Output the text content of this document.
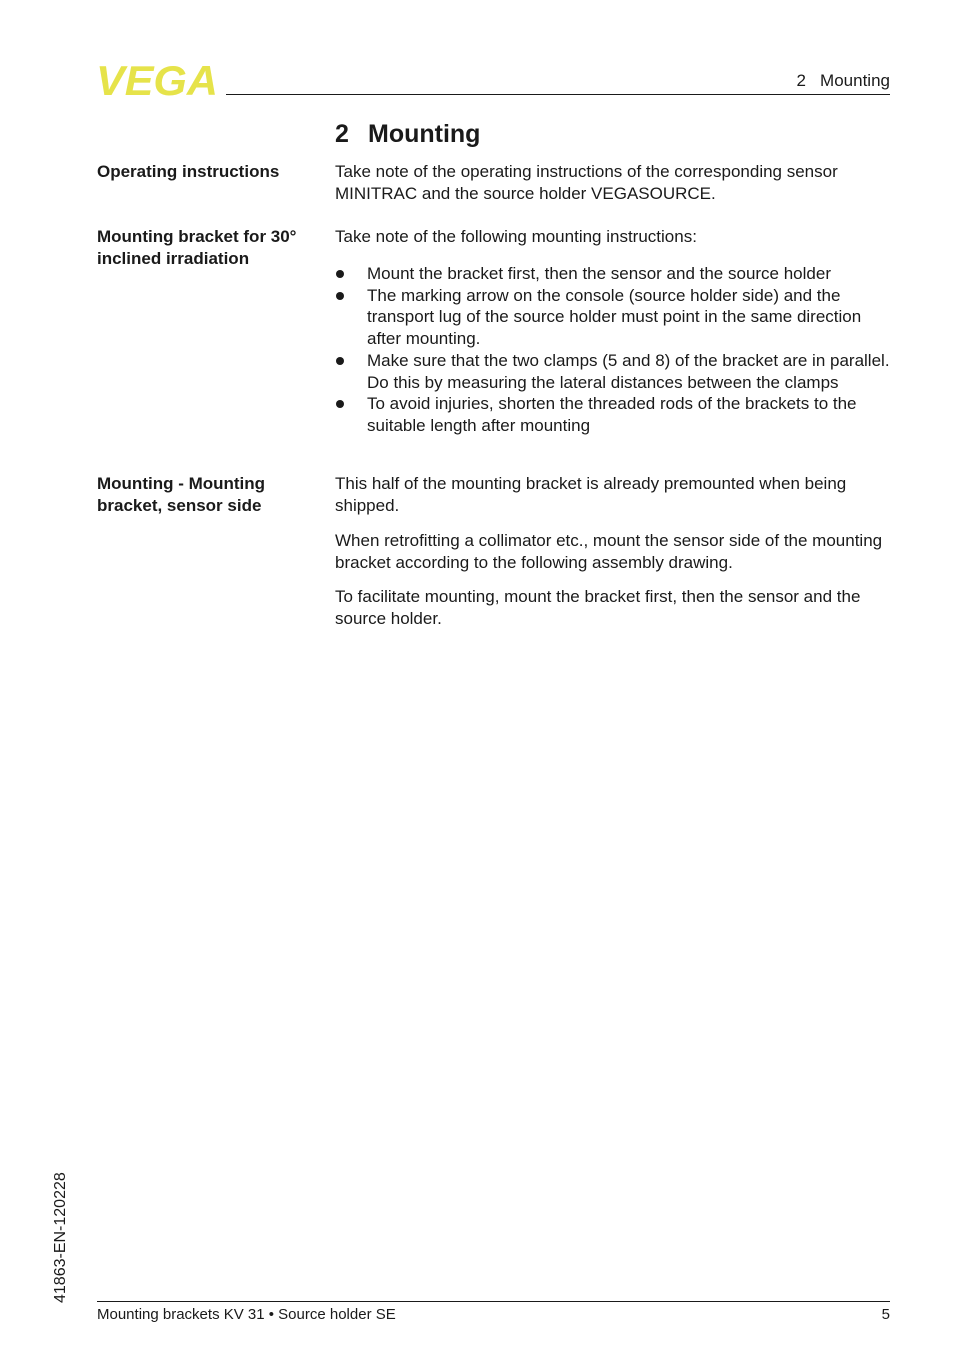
VEGA	2   Mounting
2 Mounting
Operating instructions	Take note of the operating instructions of the corresponding sensor MINITRAC and the source holder VEGASOURCE.

Mounting bracket for 30° inclined irradiation

Take note of the following mounting instructions:

Mount the bracket first, then the sensor and the source holder
The marking arrow on the console (source holder side) and the transport lug of the source holder must point in the same direction after mounting.
Make sure that the two clamps (5 and 8) of the bracket are in parallel. Do this by measuring the lateral distances between the clamps
To avoid injuries, shorten the threaded rods of the brackets to the suitable length after mounting
Mounting - Mounting bracket, sensor side

This half of the mounting bracket is already premounted when being shipped.

When retrofitting a collimator etc., mount the sensor side of the mounting bracket according to the following assembly drawing.

To facilitate mounting, mount the bracket first, then the sensor and the source holder.

41863-EN-120228
Mounting brackets KV 31 • Source holder SE	5
